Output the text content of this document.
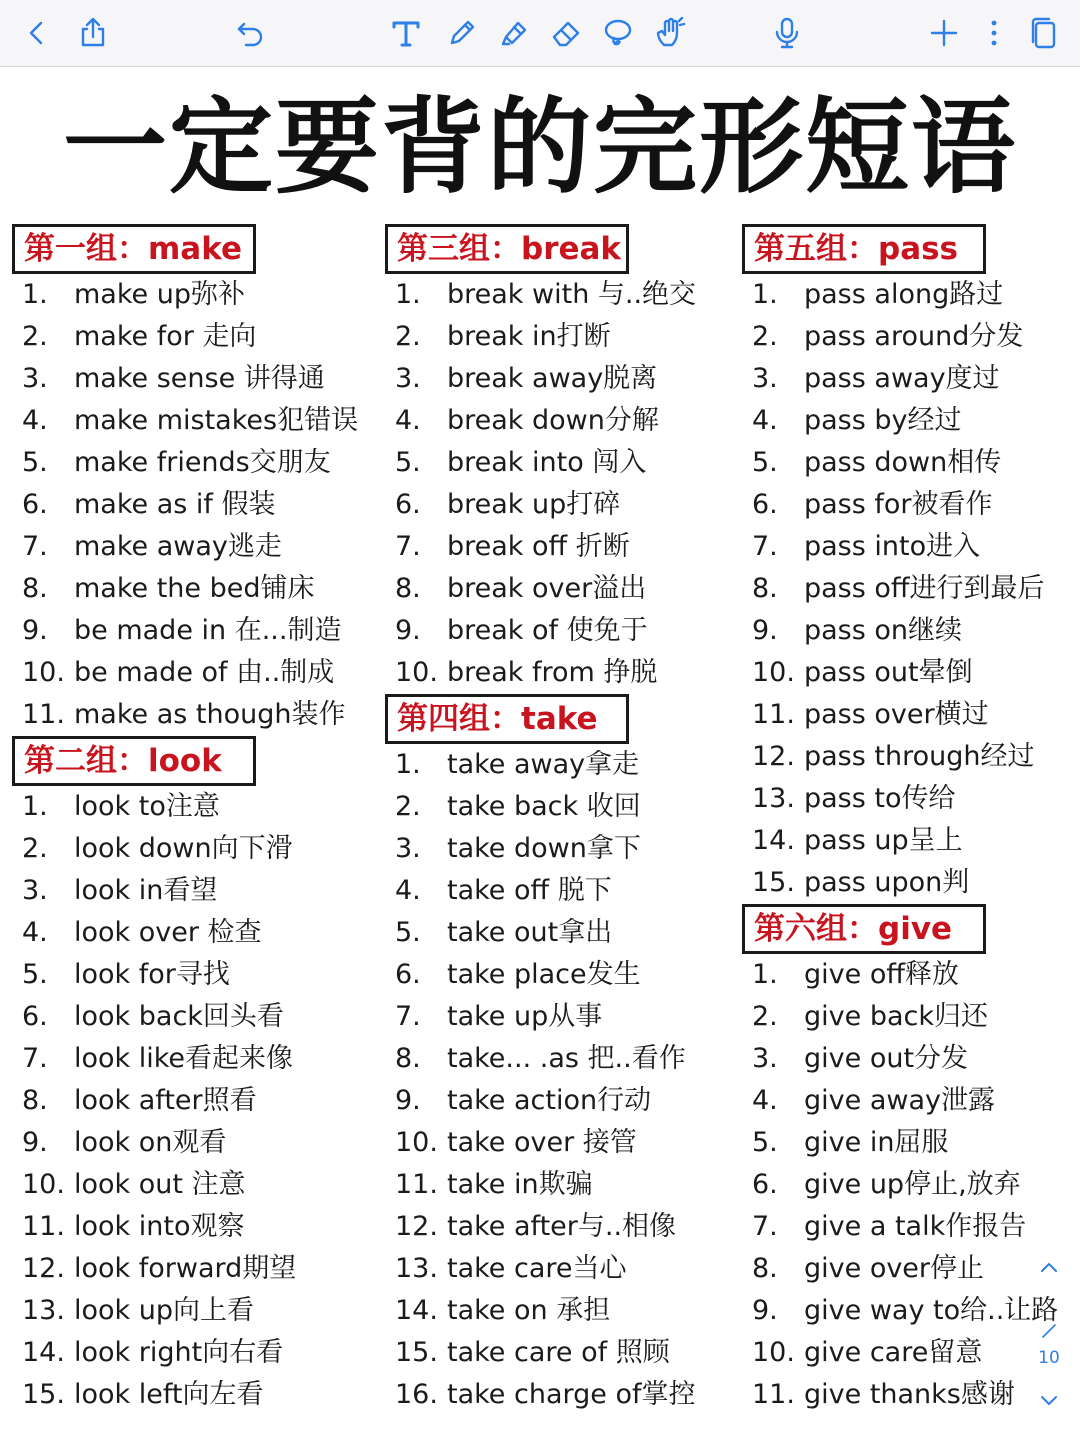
一定要背的完形短语
第一组：make
1. make up弥补
2. make for 走向
3. make sense 讲得通
4. make mistakes犯错误
5. make friends交朋友
6. make as if 假装
7. make away逃走
8. make the bed铺床
9. be made in 在...制造
10. be made of 由..制成
11. make as though装作
第二组：look
1. look to注意
2. look down向下滑
3. look in看望
4. look over 检查
5. look for寻找
6. look back回头看
7. look like看起来像
8. look after照看
9. look on观看
10. look out 注意
11. look into观察
12. look forward期望
13. look up向上看
14. look right向右看
15. look left向左看
第三组：break
1. break with 与..绝交
2. break in打断
3. break away脱离
4. break down分解
5. break into 闯入
6. break up打碎
7. break off 折断
8. break over溢出
9. break of 使免于
10. break from 挣脱
第四组：take
1. take away拿走
2. take back 收回
3. take down拿下
4. take off 脱下
5. take out拿出
6. take place发生
7. take up从事
8. take... .as 把..看作
9. take action行动
10. take over 接管
11. take in欺骗
12. take after与..相像
13. take care当心
14. take on 承担
15. take care of 照顾
16. take charge of掌控
第五组：pass
1. pass along路过
2. pass around分发
3. pass away度过
4. pass by经过
5. pass down相传
6. pass for被看作
7. pass into进入
8. pass off进行到最后
9. pass on继续
10. pass out晕倒
11. pass over横过
12. pass through经过
13. pass to传给
14. pass up呈上
15. pass upon判
第六组：give
1. give off释放
2. give back归还
3. give out分发
4. give away泄露
5. give in屈服
6. give up停止,放弃
7. give a talk作报告
8. give over停止
9. give way to给..让路
10. give care留意
11. give thanks感谢
10
